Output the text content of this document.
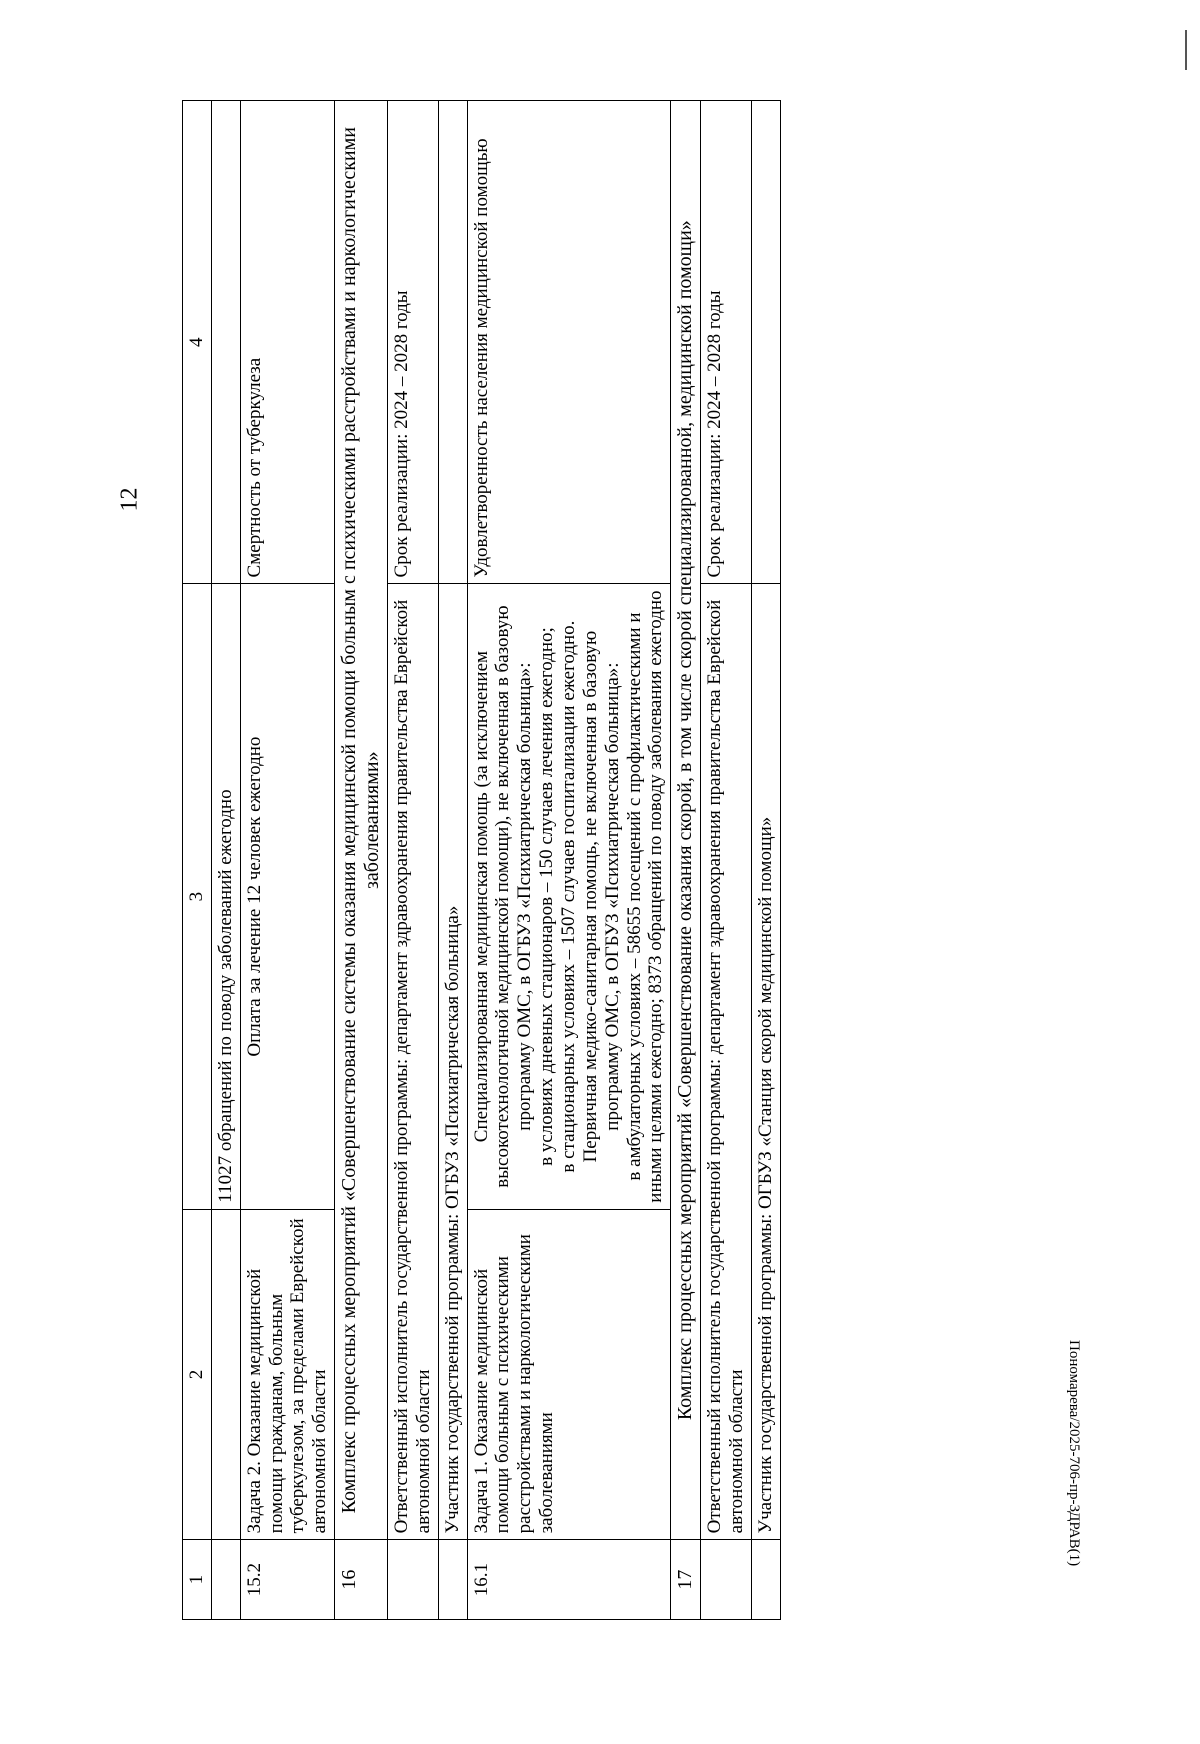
12
Пономарева/2025-706-пр-ЗДРАВ(1)
1	2	3	4
		11027 обращений по поводу заболеваний ежегодно	
15.2	Задача 2. Оказание медицинской помощи гражданам, больным туберкулезом, за пределами Еврейской автономной области	Оплата за лечение 12 человек ежегодно	Смертность от туберкулеза
16	Комплекс процессных мероприятий «Совершенствование системы оказания медицинской помощи больным с психическими расстройствами и наркологическими заболеваниями»		
	Ответственный исполнитель государственной программы: департамент здравоохранения правительства Еврейской автономной области		Срок реализации: 2024 – 2028 годы
	Участник государственной программы: ОГБУЗ «Психиатрическая больница»		
16.1	Задача 1. Оказание медицинской помощи больным с психическими расстройствами и наркологическими заболеваниями	Специализированная медицинская помощь (за исключением высокотехнологичной медицинской помощи), не включенная в базовую программу ОМС, в ОГБУЗ «Психиатрическая больница»: в условиях дневных стационаров – 150 случаев лечения ежегодно; в стационарных условиях – 1507 случаев госпитализации ежегодно. Первичная медико-санитарная помощь, не включенная в базовую программу ОМС, в ОГБУЗ «Психиатрическая больница»: в амбулаторных условиях – 58655 посещений с профилактическими и иными целями ежегодно; 8373 обращений по поводу заболевания ежегодно	Удовлетворенность населения медицинской помощью
17	Комплекс процессных мероприятий «Совершенствование оказания скорой, в том числе скорой специализированной, медицинской помощи»		
	Ответственный исполнитель государственной программы: департамент здравоохранения правительства Еврейской автономной области		Срок реализации: 2024 – 2028 годы
	Участник государственной программы: ОГБУЗ «Станция скорой медицинской помощи»		
